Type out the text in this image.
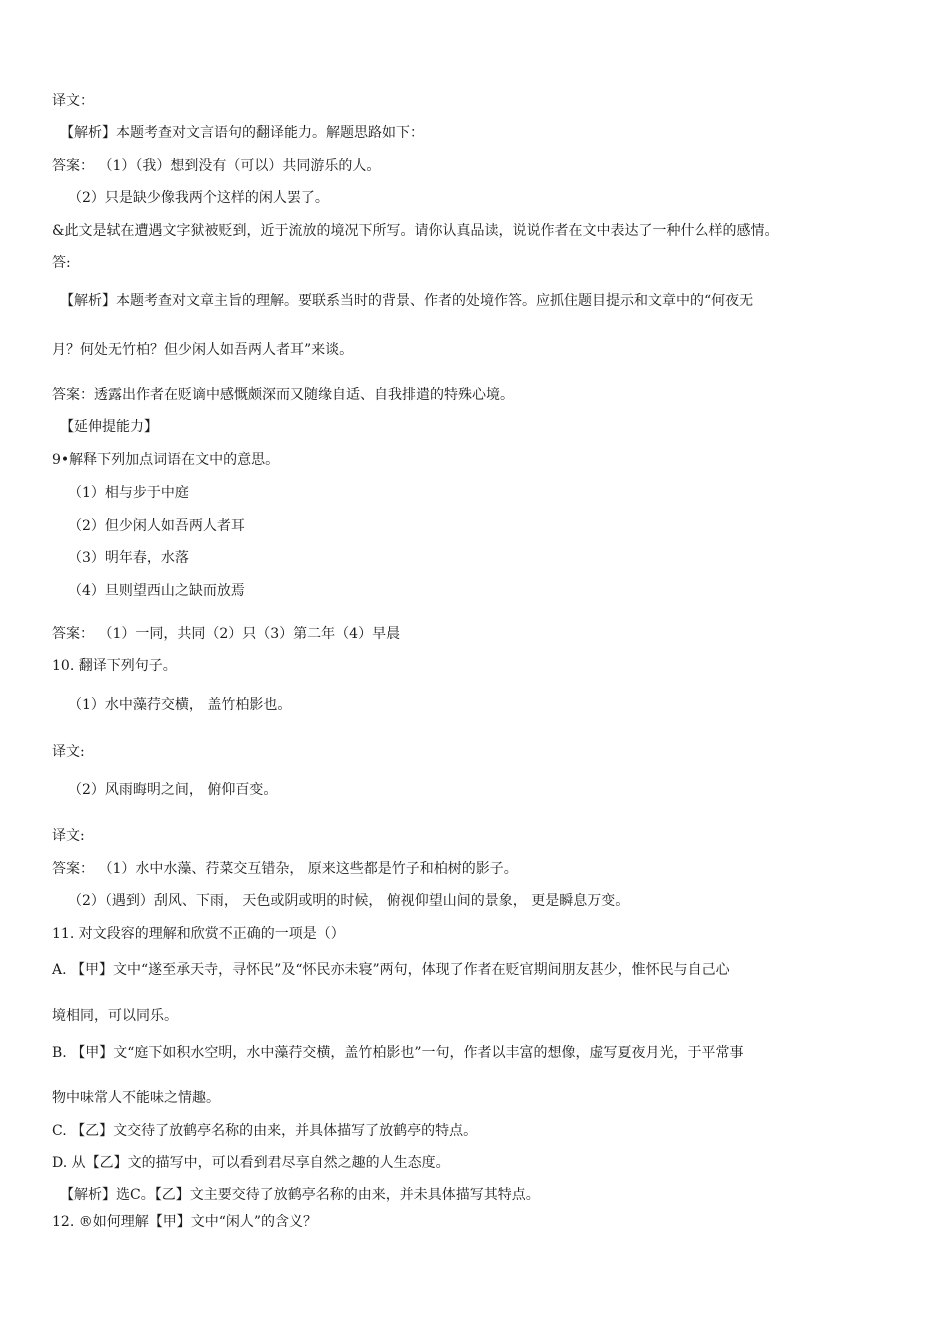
译文：
【解析】本题考查对文言语句的翻译能力。解题思路如下：
答案： （1）（我）想到没有（可以）共同游乐的人。
（2）只是缺少像我两个这样的闲人罢了。
&此文是轼在遭遇文字狱被贬到，近于流放的境况下所写。请你认真品读，说说作者在文中表达了一种什么样的感情。
答:
【解析】本题考查对文章主旨的理解。要联系当时的背景、作者的处境作答。应抓住题目提示和文章中的“何夜无
月？何处无竹柏？但少闲人如吾两人者耳”来谈。
答案：透露出作者在贬谪中感慨颇深而又随缘自适、自我排遣的特殊心境。
【延伸提能力】
9•解释下列加点词语在文中的意思。
（1）相与步于中庭
（2）但少闲人如吾两人者耳
（3）明年春，水落
（4）旦则望西山之缺而放焉
答案： （1）一同，共同（2）只（3）第二年（4）早晨
10. 翻译下列句子。
（1）水中藻荇交横， 盖竹柏影也。
译文:
（2）风雨晦明之间， 俯仰百变。
译文:
答案： （1）水中水藻、荇菜交互错杂， 原来这些都是竹子和柏树的影子。
（2）（遇到）刮风、下雨， 天色或阴或明的时候， 俯视仰望山间的景象， 更是瞬息万变。
11. 对文段容的理解和欣赏不正确的一项是（）
A. 【甲】文中“遂至承天寺，寻怀民”及“怀民亦未寝”两句，体现了作者在贬官期间朋友甚少，惟怀民与自己心
境相同，可以同乐。
B. 【甲】文“庭下如积水空明，水中藻荇交横，盖竹柏影也”一句，作者以丰富的想像，虚写夏夜月光，于平常事
物中味常人不能味之情趣。
C. 【乙】文交待了放鹤亭名称的由来，并具体描写了放鹤亭的特点。
D. 从【乙】文的描写中，可以看到君尽享自然之趣的人生态度。
【解析】选C。【乙】文主要交待了放鹤亭名称的由来，并未具体描写其特点。
12. ®如何理解【甲】文中“闲人”的含义？
